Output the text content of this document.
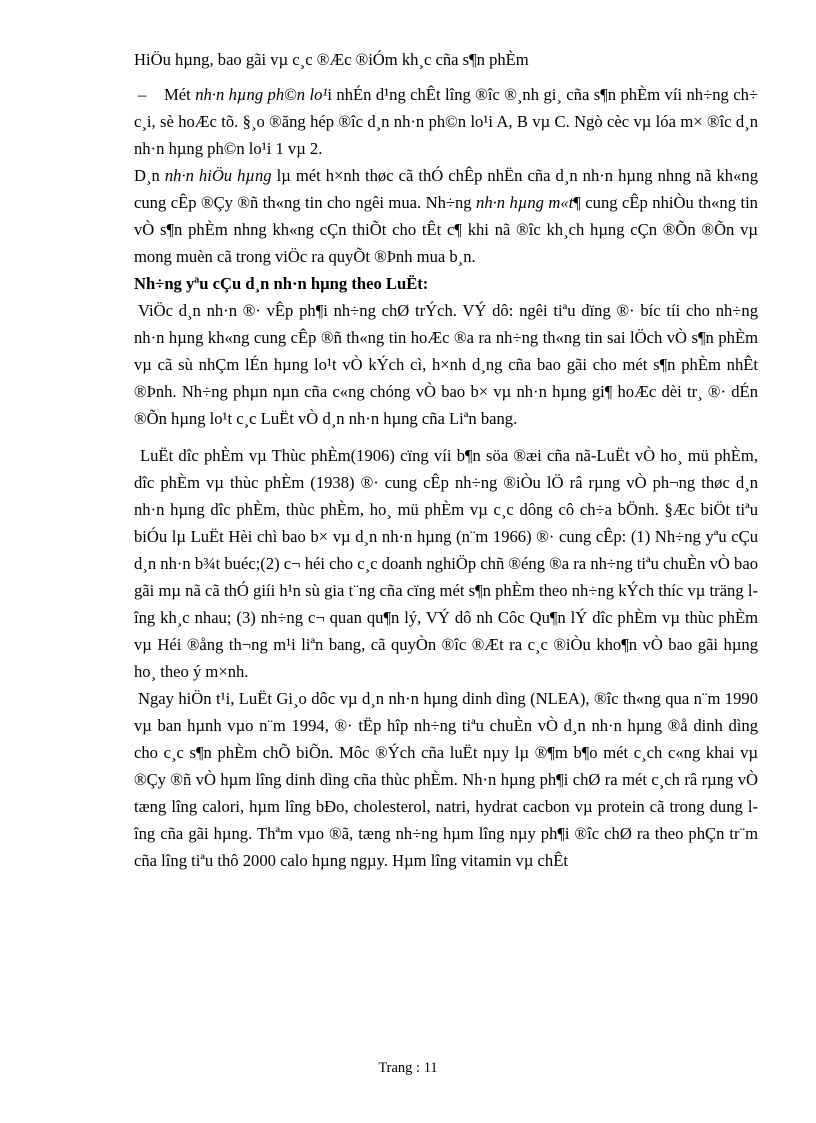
HiÖu hµng, bao gãi vµ c¸c ®Æc ®iÓm kh¸c cña s¶n phÈm

– Mét nh·n hµng ph©n lo¹i nhÉn d¹ng chÊt lîng ®îc ®¸nh gi¸ cña s¶n phÈm víi nh÷ng ch÷ c¸i, sè hoÆc tõ. §¸o ®ăng hép ®îc d¸n nh·n ph©n lo¹i A, B vµ C. Ngò cèc vµ lóa m× ®îc d¸n nh·n hµng ph©n lo¹i 1 vµ 2.

D¸n nh·n hiÖu hµng lµ mét h×nh thøc cã thÓ chÊp nhËn cña d¸n nh·n hµng nhng nã kh«ng cung cÊp ®Çy ®ñ th«ng tin cho ngêi mua. Nh÷ng nh·n hµng m«t¶ cung cÊp nhiÒu th«ng tin vÒ s¶n phÈm nhng kh«ng cÇn thiÕt cho tÊt c¶ khi nã ®îc kh¸ch hµng cÇn ®Õn ®Õn vµ mong muèn cã trong viÖc ra quyÕt ®Þnh mua b¸n.

Nh÷ng yªu cÇu d¸n nh·n hµng theo LuËt:

ViÖc d¸n nh·n ®· vÊp ph¶i nh÷ng chØ trÝch. VÝ dô: ngêi tiªu dïng ®· bíc tíi cho nh÷ng nh·n hµng kh«ng cung cÊp ®ñ th«ng tin hoÆc ®a ra nh÷ng th«ng tin sai lÖch vÒ s¶n phÈm vµ cã sù nhÇm lÉn hµng lo¹t vÒ kÝch cì, h×nh d¸ng cña bao gãi cho mét s¶n phÈm nhÊt ®Þnh. Nh÷ng phµn nµn cña c«ng chóng vÒ bao b× vµ nh·n hµng gi¶ hoÆc dèi tr¸ ®· dÉn ®Õn hµng lo¹t c¸c LuËt vÒ d¸n nh·n hµng cña Liªn bang.

LuËt dîc phÈm vµ Thùc phÈm(1906) cïng víi b¶n söa ®æi cña nã-LuËt vÒ ho¸ mü phÈm, dîc phÈm vµ thùc phÈm (1938) ®· cung cÊp nh÷ng ®iÒu lÖ râ rµng vÒ ph¬ng thøc d¸n nh·n hµng dîc phÈm, thùc phÈm, ho¸ mü phÈm vµ c¸c dông cô ch÷a bÖnh. §Æc biÖt tiªu biÓu lµ LuËt Hèi chì bao b× vµ d¸n nh·n hµng (n¨m 1966) ®· cung cÊp: (1) Nh÷ng yªu cÇu d¸n nh·n b¾t buéc;(2) c¬ héi cho c¸c doanh nghiÖp chñ ®éng ®a ra nh÷ng tiªu chuÈn vÒ bao gãi mµ nã cã thÓ giíi h¹n sù gia t¨ng cña cïng mét s¶n phÈm theo nh÷ng kÝch thíc vµ träng lîng kh¸c nhau; (3) nh÷ng c¬ quan qu¶n lý, VÝ dô nh Côc Qu¶n lÝ dîc phÈm vµ thùc phÈm vµ Héi ®ång th¬ng m¹i liªn bang, cã quyÒn ®îc ®Æt ra c¸c ®iÒu kho¶n vÒ bao gãi hµng ho¸ theo ý m×nh.

Ngay hiÖn t¹i, LuËt Gi¸o dôc vµ d¸n nh·n hµng dinh dìng (NLEA), ®îc th«ng qua n¨m 1990 vµ ban hµnh vµo n¨m 1994, ®· tËp hîp nh÷ng tiªu chuÈn vÒ d¸n nh·n hµng ®å dinh dìng cho c¸c s¶n phÈm chÕ biÕn. Môc ®Ých cña luËt nµy lµ ®¶m b¶o mét c¸ch c«ng khai vµ ®Çy ®ñ vÒ hµm lîng dinh dìng cña thùc phÈm. Nh·n hµng ph¶i chØ ra mét c¸ch râ rµng vÒ tæng lîng calori, hµm lîng bÐo, cholesterol, natri, hydrat cacbon vµ protein cã trong dung lîng cña gãi hµng. Thªm vµo ®ã, tæng nh÷ng hµm lîng nµy ph¶i ®îc chØ ra theo phÇn tr¨m cña lîng tiªu thô 2000 calo hµng ngµy. Hµm lîng vitamin vµ chÊt

Trang : 11
